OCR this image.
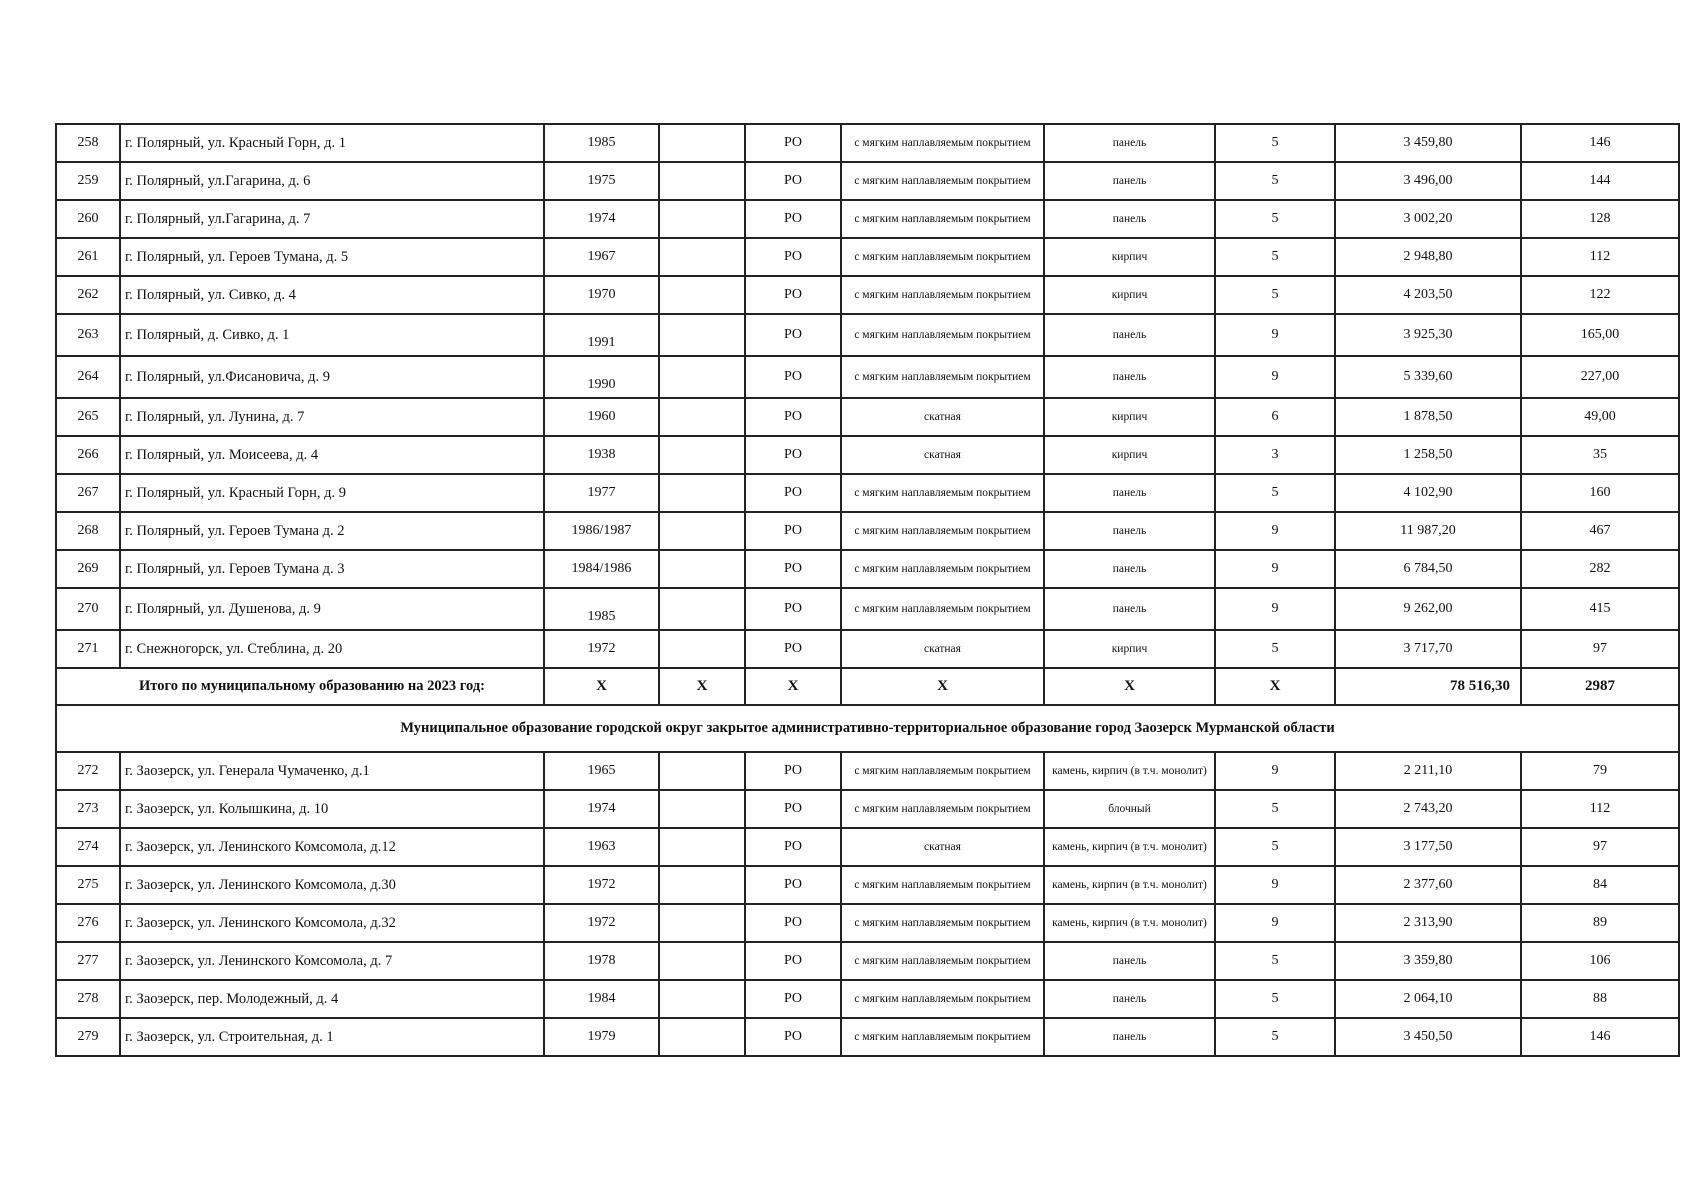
258	г. Полярный, ул. Красный Горн, д. 1	1985		РО	с мягким наплавляемым покрытием	панель	5	3 459,80	146
259	г. Полярный, ул.Гагарина, д. 6	1975		РО	с мягким наплавляемым покрытием	панель	5	3 496,00	144
260	г. Полярный, ул.Гагарина, д. 7	1974		РО	с мягким наплавляемым покрытием	панель	5	3 002,20	128
261	г. Полярный, ул. Героев Тумана, д. 5	1967		РО	с мягким наплавляемым покрытием	кирпич	5	2 948,80	112
262	г. Полярный, ул. Сивко, д. 4	1970		РО	с мягким наплавляемым покрытием	кирпич	5	4 203,50	122
263	г. Полярный, д. Сивко, д. 1	1991		РО	с мягким наплавляемым покрытием	панель	9	3 925,30	165,00
264	г. Полярный, ул.Фисановича, д. 9	1990		РО	с мягким наплавляемым покрытием	панель	9	5 339,60	227,00
265	г. Полярный, ул. Лунина, д. 7	1960		РО	скатная	кирпич	6	1 878,50	49,00
266	г. Полярный, ул. Моисеева, д. 4	1938		РО	скатная	кирпич	3	1 258,50	35
267	г. Полярный, ул. Красный Горн, д. 9	1977		РО	с мягким наплавляемым покрытием	панель	5	4 102,90	160
268	г. Полярный, ул. Героев Тумана д. 2	1986/1987		РО	с мягким наплавляемым покрытием	панель	9	11 987,20	467
269	г. Полярный, ул. Героев Тумана д. 3	1984/1986		РО	с мягким наплавляемым покрытием	панель	9	6 784,50	282
270	г. Полярный, ул. Душенова, д. 9	1985		РО	с мягким наплавляемым покрытием	панель	9	9 262,00	415
271	г. Снежногорск, ул. Стеблина, д. 20	1972		РО	скатная	кирпич	5	3 717,70	97
Итого по муниципальному образованию на 2023 год:		X	X	X	X	X	X	78 516,30	2987
Муниципальное образование городской округ закрытое административно-территориальное образование город Заозерск Мурманской области									
272	г. Заозерск, ул. Генерала Чумаченко, д.1	1965		РО	с мягким наплавляемым покрытием	камень, кирпич (в т.ч. монолит)	9	2 211,10	79
273	г. Заозерск, ул. Колышкина, д. 10	1974		РО	с мягким наплавляемым покрытием	блочный	5	2 743,20	112
274	г. Заозерск, ул. Ленинского Комсомола, д.12	1963		РО	скатная	камень, кирпич (в т.ч. монолит)	5	3 177,50	97
275	г. Заозерск, ул. Ленинского Комсомола, д.30	1972		РО	с мягким наплавляемым покрытием	камень, кирпич (в т.ч. монолит)	9	2 377,60	84
276	г. Заозерск, ул. Ленинского Комсомола, д.32	1972		РО	с мягким наплавляемым покрытием	камень, кирпич (в т.ч. монолит)	9	2 313,90	89
277	г. Заозерск, ул. Ленинского Комсомола, д. 7	1978		РО	с мягким наплавляемым покрытием	панель	5	3 359,80	106
278	г. Заозерск, пер. Молодежный, д. 4	1984		РО	с мягким наплавляемым покрытием	панель	5	2 064,10	88
279	г. Заозерск, ул. Строительная, д. 1	1979		РО	с мягким наплавляемым покрытием	панель	5	3 450,50	146
